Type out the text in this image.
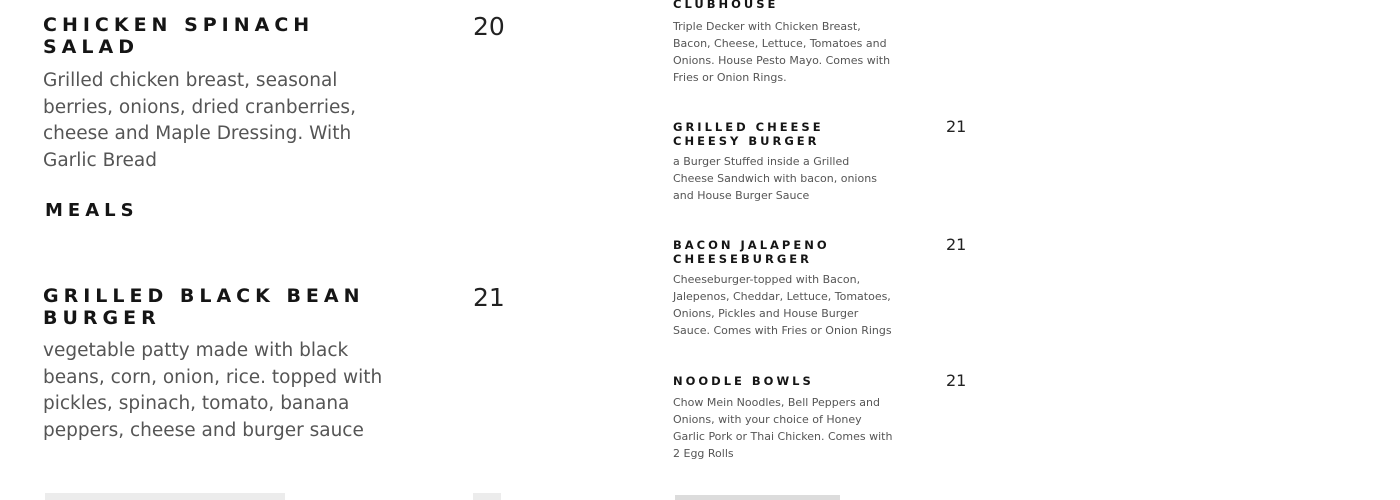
CHICKEN SPINACH SALAD
20

Grilled chicken breast, seasonal berries, onions, dried cranberries, cheese and Maple Dressing. With Garlic Bread

MEALS
GRILLED BLACK BEAN BURGER
21

vegetable patty made with black beans, corn, onion, rice. topped with pickles, spinach, tomato, banana peppers, cheese and burger sauce

CLUBHOUSE

Triple Decker with Chicken Breast, Bacon, Cheese, Lettuce, Tomatoes and Onions. House Pesto Mayo. Comes with Fries or Onion Rings.

GRILLED CHEESE CHEESY BURGER
21

a Burger Stuffed inside a Grilled Cheese Sandwich with bacon, onions and House Burger Sauce

BACON JALAPENO CHEESEBURGER
21

Cheeseburger-topped with Bacon, Jalepenos, Cheddar, Lettuce, Tomatoes, Onions, Pickles and House Burger Sauce. Comes with Fries or Onion Rings

NOODLE BOWLS	21

Chow Mein Noodles, Bell Peppers and Onions, with your choice of Honey Garlic Pork or Thai Chicken. Comes with 2 Egg Rolls
